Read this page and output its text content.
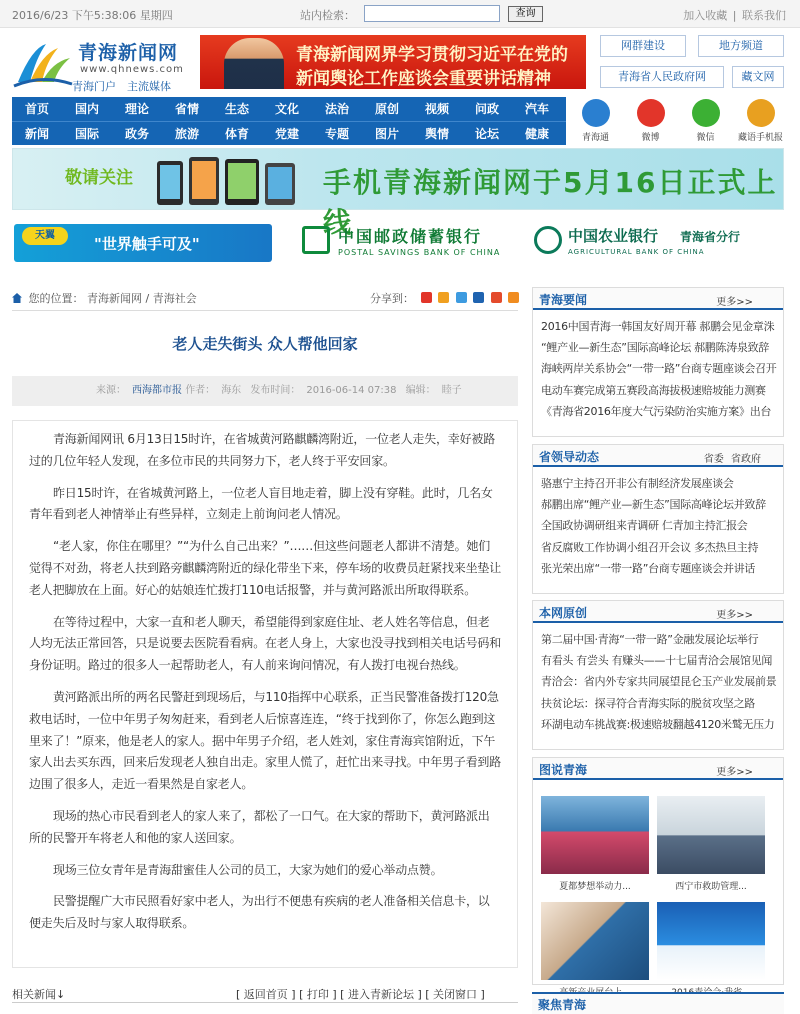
2016/6/23 下午5:38:06 星期四	站内检索：	查询	加入收藏 | 联系我们
青海新闻网
www.qhnews.com
青海门户　主流媒体
青海新闻网界学习贯彻习近平在党的
新闻舆论工作座谈会重要讲话精神
网群建设	地方频道
青海省人民政府网	藏文网
首页	国内	理论	省情	生态	文化	法治	原创	视频	问政	汽车
新闻	国际	政务	旅游	体育	党建	专题	图片	舆情	论坛	健康	青海通	微博	微信	藏语手机报
敬请关注	手机青海新闻网于5月16日正式上线
天翼	"世界触手可及"	中国邮政储蓄银行
POSTAL SAVINGS BANK OF CHINA
中国农业银行 青海省分行
AGRICULTURAL BANK OF CHINA
您的位置： 青海新闻网 / 青海社会	分享到：
老人走失街头 众人帮他回家
来源： 西海都市报 作者： 海东 发布时间： 2016-06-14 07:38 编辑： 睦子

青海新闻网讯 6月13日15时许，在省城黄河路麒麟湾附近，一位老人走失，幸好被路过的几位年轻人发现，在多位市民的共同努力下，老人终于平安回家。

昨日15时许，在省城黄河路上，一位老人盲目地走着，脚上没有穿鞋。此时，几名女青年看到老人神情举止有些异样，立刻走上前询问老人情况。

“老人家，你住在哪里？”“为什么自己出来？”……但这些问题老人都讲不清楚。她们觉得不对劲，将老人扶到路旁麒麟湾附近的绿化带坐下来，停车场的收费员赶紧找来坐垫让老人把脚放在上面。好心的姑娘连忙拨打110电话报警，并与黄河路派出所取得联系。

在等待过程中，大家一直和老人聊天，希望能得到家庭住址、老人姓名等信息，但老人均无法正常回答，只是说要去医院看看病。在老人身上，大家也没寻找到相关电话号码和身份证明。路过的很多人一起帮助老人，有人前来询问情况，有人拨打电视台热线。

黄河路派出所的两名民警赶到现场后，与110指挥中心联系，正当民警准备拨打120急救电话时，一位中年男子匆匆赶来，看到老人后惊喜连连，“终于找到你了，你怎么跑到这里来了！”原来，他是老人的家人。据中年男子介绍，老人姓刘，家住青海宾馆附近，下午家人出去买东西，回来后发现老人独自出走。家里人慌了，赶忙出来寻找。中年男子看到路边围了很多人，走近一看果然是自家老人。

现场的热心市民看到老人的家人来了，都松了一口气。在大家的帮助下，黄河路派出所的民警开车将老人和他的家人送回家。

现场三位女青年是青海甜蜜佳人公司的员工，大家为她们的爱心举动点赞。

民警提醒广大市民照看好家中老人，为出行不便患有疾病的老人准备相关信息卡，以便走失后及时与家人取得联系。

相关新闻↓	[ 返回首页 ] [ 打印 ] [ 进入青新论坛 ] [ 关闭窗口 ]
青海要闻	更多>>
2016中国青海一韩国友好周开幕 郝鹏会见金章洙
“鲤产业—新生态”国际高峰论坛 郝鹏陈涛泉致辞
海峡两岸关系协会“一带一路”台商专题座谈会召开
电动车赛完成第五赛段高海拔极速赔坡能力测赛
《青海省2016年度大气污染防治实施方案》出台
省领导动态	省委 省政府
骆惠宁主持召开非公有制经济发展座谈会
郝鹏出席“鲤产业—新生态”国际高峰论坛并致辞
全国政协调研组来青调研 仁青加主持汇报会
省反腐败工作协调小组召开会议 多杰热旦主持
张光荣出席“一带一路”台商专题座谈会并讲话
本网原创	更多>>
第二届中国·青海“一带一路”金融发展论坛举行
有看头 有尝头 有赚头——十七届青洽会展馆见闻
青洽会：省内外专家共同展望昆仑玉产业发展前景
扶贫论坛：探寻符合青海实际的脱贫攻坚之路
环湖电动车挑战赛:极速赔坡翻越4120米鹫无压力
图说青海	更多>>
夏都梦想举动力...	西宁市救助管理...
聚焦青海
